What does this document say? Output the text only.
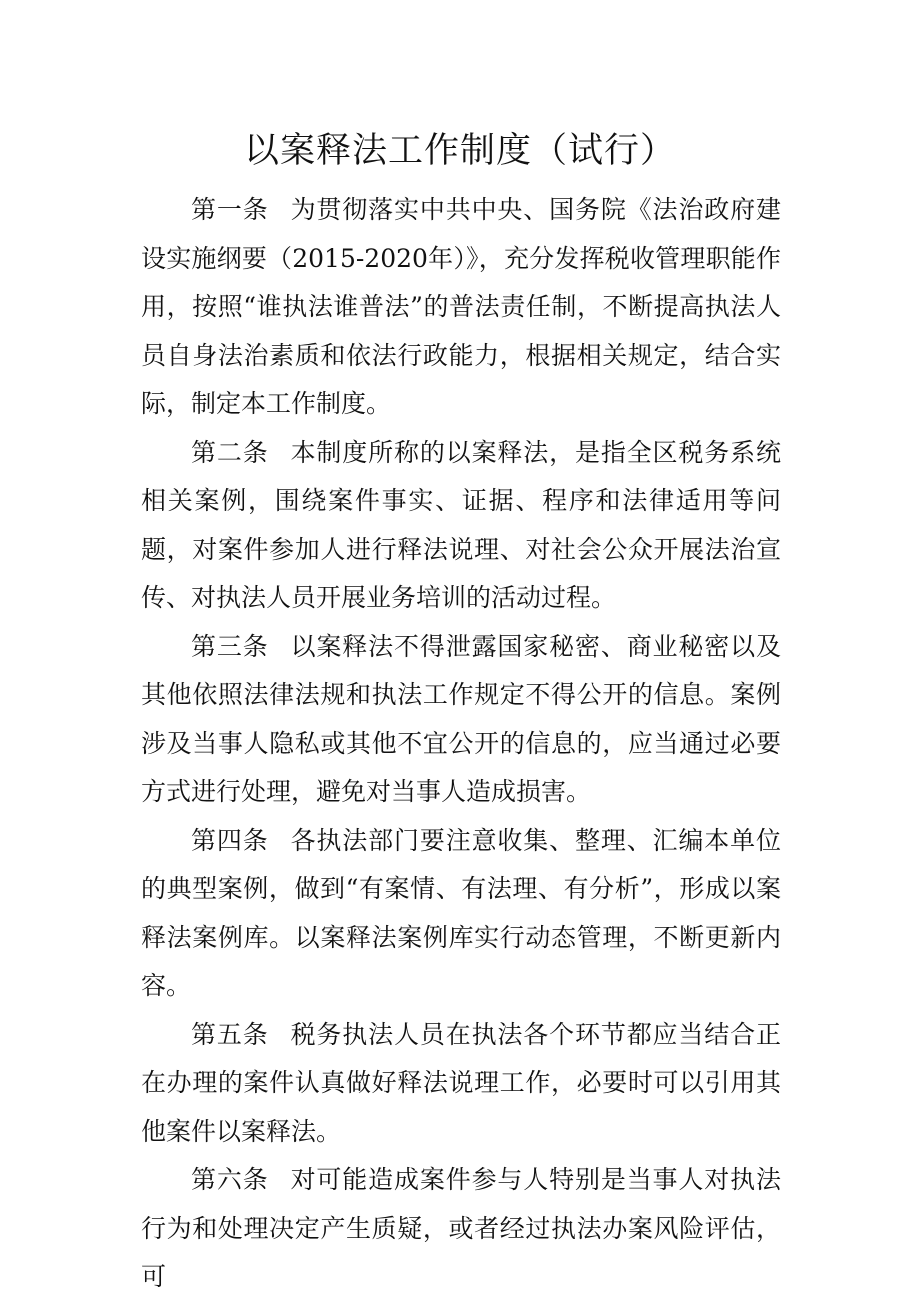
以案释法工作制度（试行）

第一条 为贯彻落实中共中央、国务院《法治政府建设实施纲要（2015-2020年）》，充分发挥税收管理职能作用，按照“谁执法谁普法”的普法责任制，不断提高执法人员自身法治素质和依法行政能力，根据相关规定，结合实际，制定本工作制度。

第二条 本制度所称的以案释法，是指全区税务系统相关案例，围绕案件事实、证据、程序和法律适用等问题，对案件参加人进行释法说理、对社会公众开展法治宣传、对执法人员开展业务培训的活动过程。

第三条 以案释法不得泄露国家秘密、商业秘密以及其他依照法律法规和执法工作规定不得公开的信息。案例涉及当事人隐私或其他不宜公开的信息的，应当通过必要方式进行处理，避免对当事人造成损害。

第四条 各执法部门要注意收集、整理、汇编本单位的典型案例，做到“有案情、有法理、有分析”，形成以案释法案例库。以案释法案例库实行动态管理，不断更新内容。

第五条 税务执法人员在执法各个环节都应当结合正在办理的案件认真做好释法说理工作，必要时可以引用其他案件以案释法。

第六条 对可能造成案件参与人特别是当事人对执法行为和处理决定产生质疑，或者经过执法办案风险评估，可
